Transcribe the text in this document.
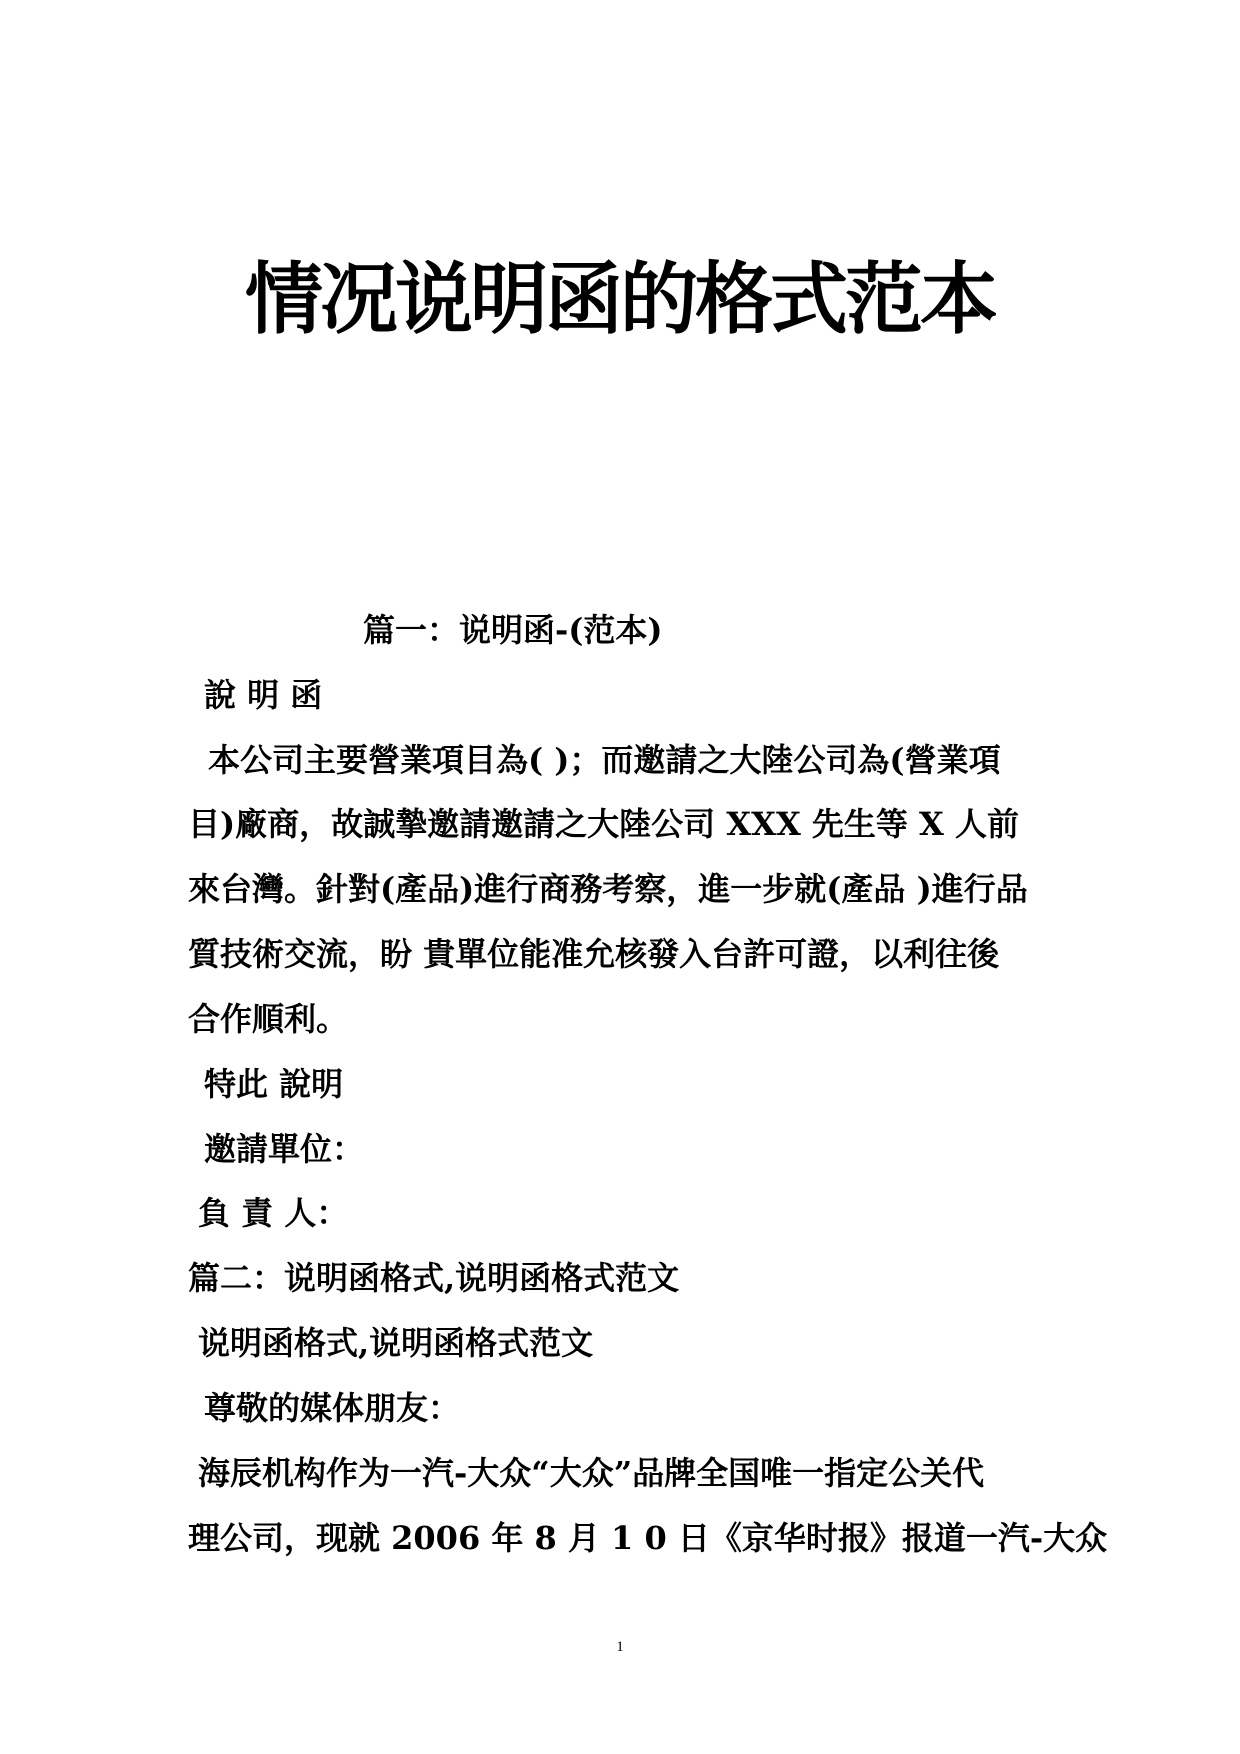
情况说明函的格式范本
篇一：说明函-(范本)
說 明 函
本公司主要營業項目為( )；而邀請之大陸公司為(營業項
目)廠商，故誠摯邀請邀請之大陸公司 XXX 先生等 X 人前
來台灣。針對(產品)進行商務考察，進一步就(產品 )進行品
質技術交流，盼 貴單位能准允核發入台許可證，以利往後
合作順利。
特此 說明
邀請單位：
負 責 人：
篇二：说明函格式,说明函格式范文
说明函格式,说明函格式范文
尊敬的媒体朋友：
海辰机构作为一汽-大众“大众”品牌全国唯一指定公关代
理公司，现就 2006 年 8 月 1 0 日《京华时报》报道一汽-大众
1
